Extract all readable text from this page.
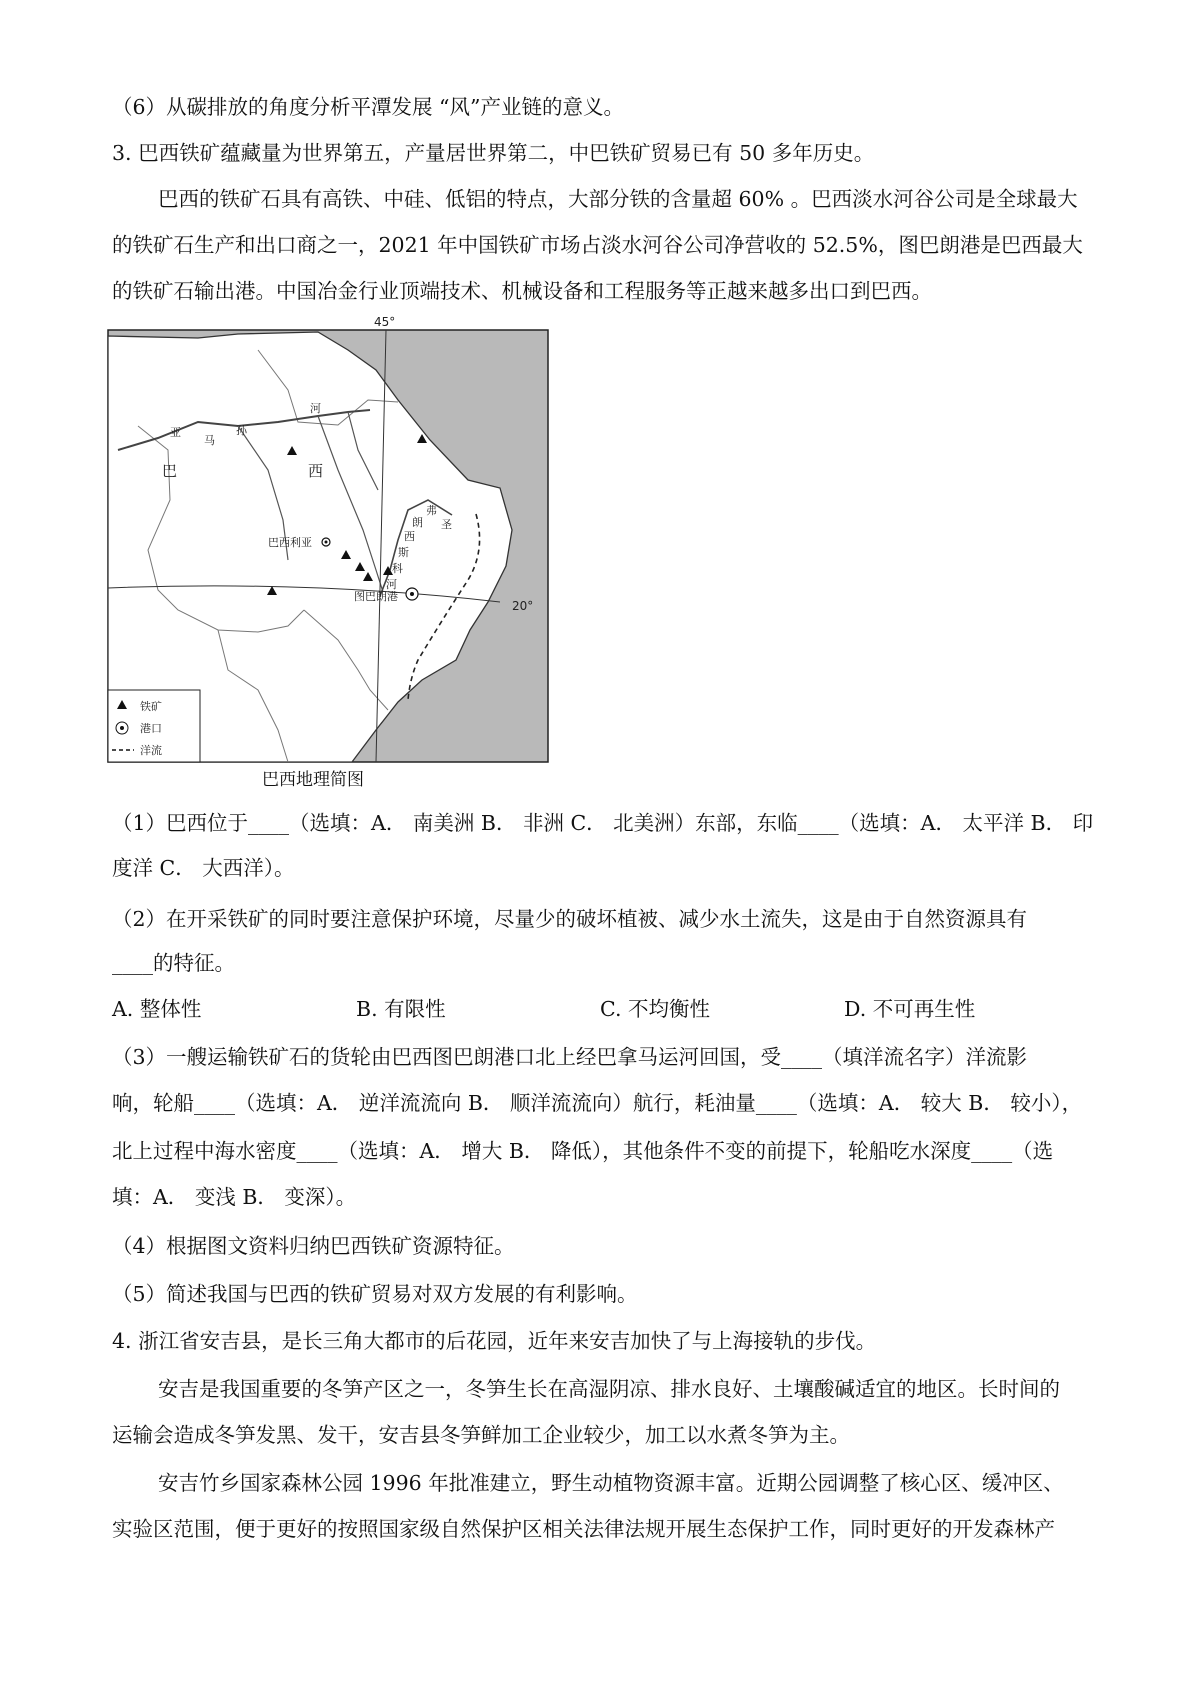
（6）从碳排放的角度分析平潭发展 “风”产业链的意义。
3. 巴西铁矿蕴藏量为世界第五，产量居世界第二，中巴铁矿贸易已有 50 多年历史。
巴西的铁矿石具有高铁、中硅、低铝的特点，大部分铁的含量超 60% 。巴西淡水河谷公司是全球最大
的铁矿石生产和出口商之一，2021 年中国铁矿市场占淡水河谷公司净营收的 52.5%，图巴朗港是巴西最大
的铁矿石输出港。中国冶金行业顶端技术、机械设备和工程服务等正越来越多出口到巴西。
亚
马
孙
河
巴	西
圣
弗
朗
西
斯
科
河
巴西利亚
图巴朗港
45°
20°
铁矿
港口
洋流
巴西地理简图
（1）巴西位于____（选填：A． 南美洲 B． 非洲 C． 北美洲）东部，东临____（选填：A． 太平洋 B． 印
度洋 C． 大西洋）。
（2）在开采铁矿的同时要注意保护环境，尽量少的破坏植被、减少水土流失，这是由于自然资源具有
____的特征。
A. 整体性	B. 有限性	C. 不均衡性	D. 不可再生性
（3）一艘运输铁矿石的货轮由巴西图巴朗港口北上经巴拿马运河回国，受____（填洋流名字）洋流影
响，轮船____（选填：A． 逆洋流流向 B． 顺洋流流向）航行，耗油量____（选填：A． 较大 B． 较小），
北上过程中海水密度____（选填：A． 增大 B． 降低），其他条件不变的前提下，轮船吃水深度____（选
填：A． 变浅 B． 变深）。
（4）根据图文资料归纳巴西铁矿资源特征。
（5）简述我国与巴西的铁矿贸易对双方发展的有利影响。
4. 浙江省安吉县，是长三角大都市的后花园，近年来安吉加快了与上海接轨的步伐。
安吉是我国重要的冬笋产区之一，冬笋生长在高湿阴凉、排水良好、土壤酸碱适宜的地区。长时间的
运输会造成冬笋发黑、发干，安吉县冬笋鲜加工企业较少，加工以水煮冬笋为主。
安吉竹乡国家森林公园 1996 年批准建立，野生动植物资源丰富。近期公园调整了核心区、缓冲区、
实验区范围，便于更好的按照国家级自然保护区相关法律法规开展生态保护工作，同时更好的开发森林产
